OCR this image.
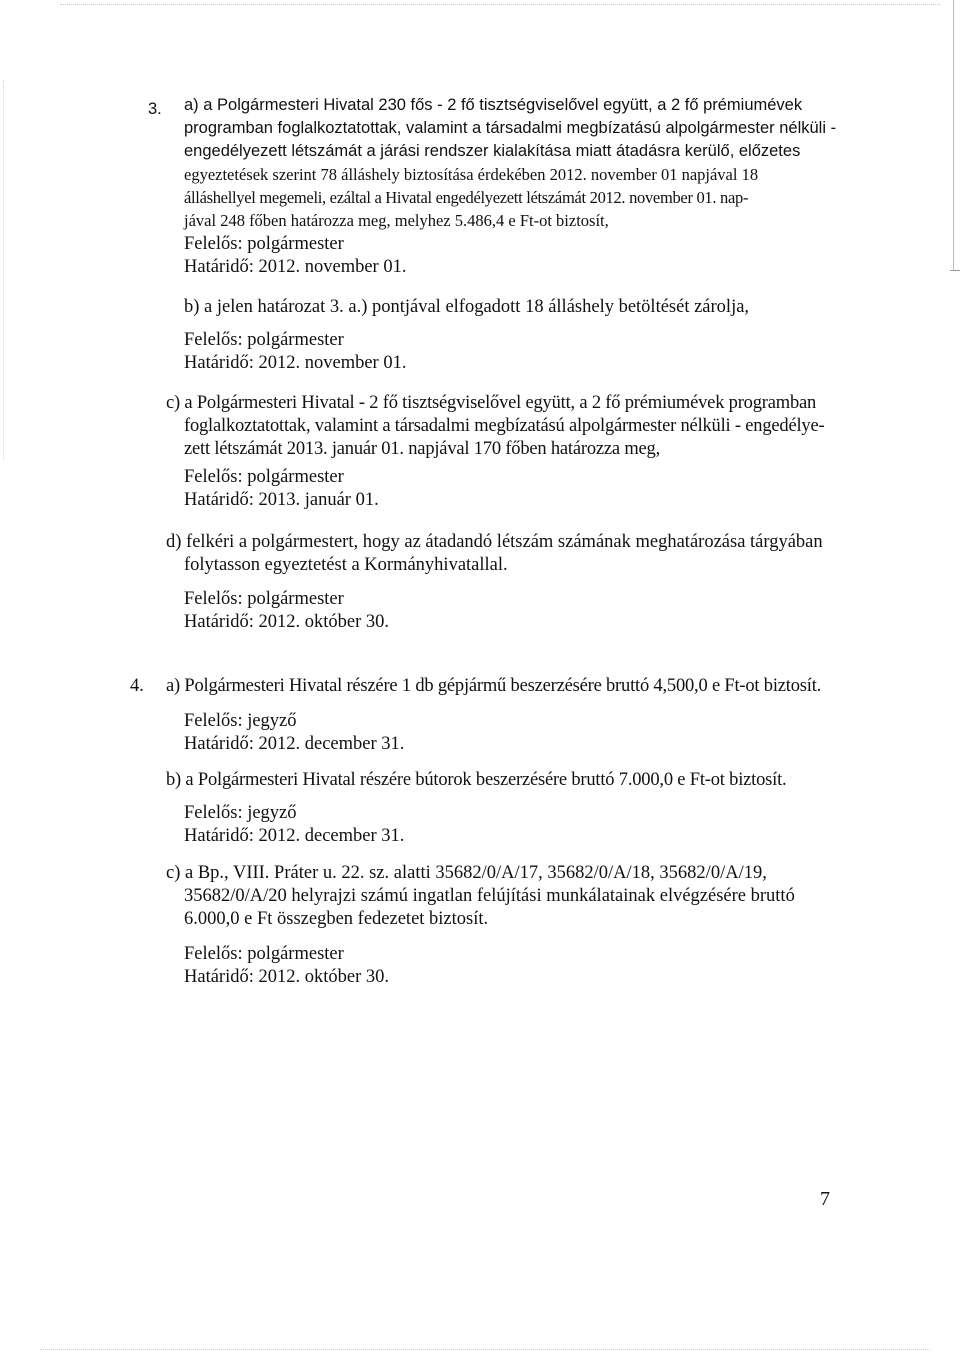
3. a) a Polgármesteri Hivatal 230 fős - 2 fő tisztségviselővel együtt, a 2 fő prémiumévek
programban foglalkoztatottak, valamint a társadalmi megbízatású alpolgármester nélküli -
engedélyezett létszámát a járási rendszer kialakítása miatt átadásra kerülő, előzetes
egyeztetések szerint 78 álláshely biztosítása érdekében 2012. november 01 napjával 18
álláshellyel megemeli, ezáltal a Hivatal engedélyezett létszámát 2012. november 01. nap-
jával 248 főben határozza meg, melyhez 5.486,4 e Ft-ot biztosít,
Felelős: polgármester
Határidő: 2012. november 01.
b) a jelen határozat 3. a.) pontjával elfogadott 18 álláshely betöltését zárolja,
Felelős: polgármester
Határidő: 2012. november 01.
c) a Polgármesteri Hivatal - 2 fő tisztségviselővel együtt, a 2 fő prémiumévek programban
foglalkoztatottak, valamint a társadalmi megbízatású alpolgármester nélküli - engedélye-
zett létszámát 2013. január 01. napjával 170 főben határozza meg,
Felelős: polgármester
Határidő: 2013. január 01.
d) felkéri a polgármestert, hogy az átadandó létszám számának meghatározása tárgyában
folytasson egyeztetést a Kormányhivatallal.
Felelős: polgármester
Határidő: 2012. október 30.
4. a) Polgármesteri Hivatal részére 1 db gépjármű beszerzésére bruttó 4,500,0 e Ft-ot biztosít.
Felelős: jegyző
Határidő: 2012. december 31.
b) a Polgármesteri Hivatal részére bútorok beszerzésére bruttó 7.000,0 e Ft-ot biztosít.
Felelős: jegyző
Határidő: 2012. december 31.
c) a Bp., VIII. Práter u. 22. sz. alatti 35682/0/A/17, 35682/0/A/18, 35682/0/A/19,
35682/0/A/20 helyrajzi számú ingatlan felújítási munkálatainak elvégzésére bruttó
6.000,0 e Ft összegben fedezetet biztosít.
Felelős: polgármester
Határidő: 2012. október 30.
7
